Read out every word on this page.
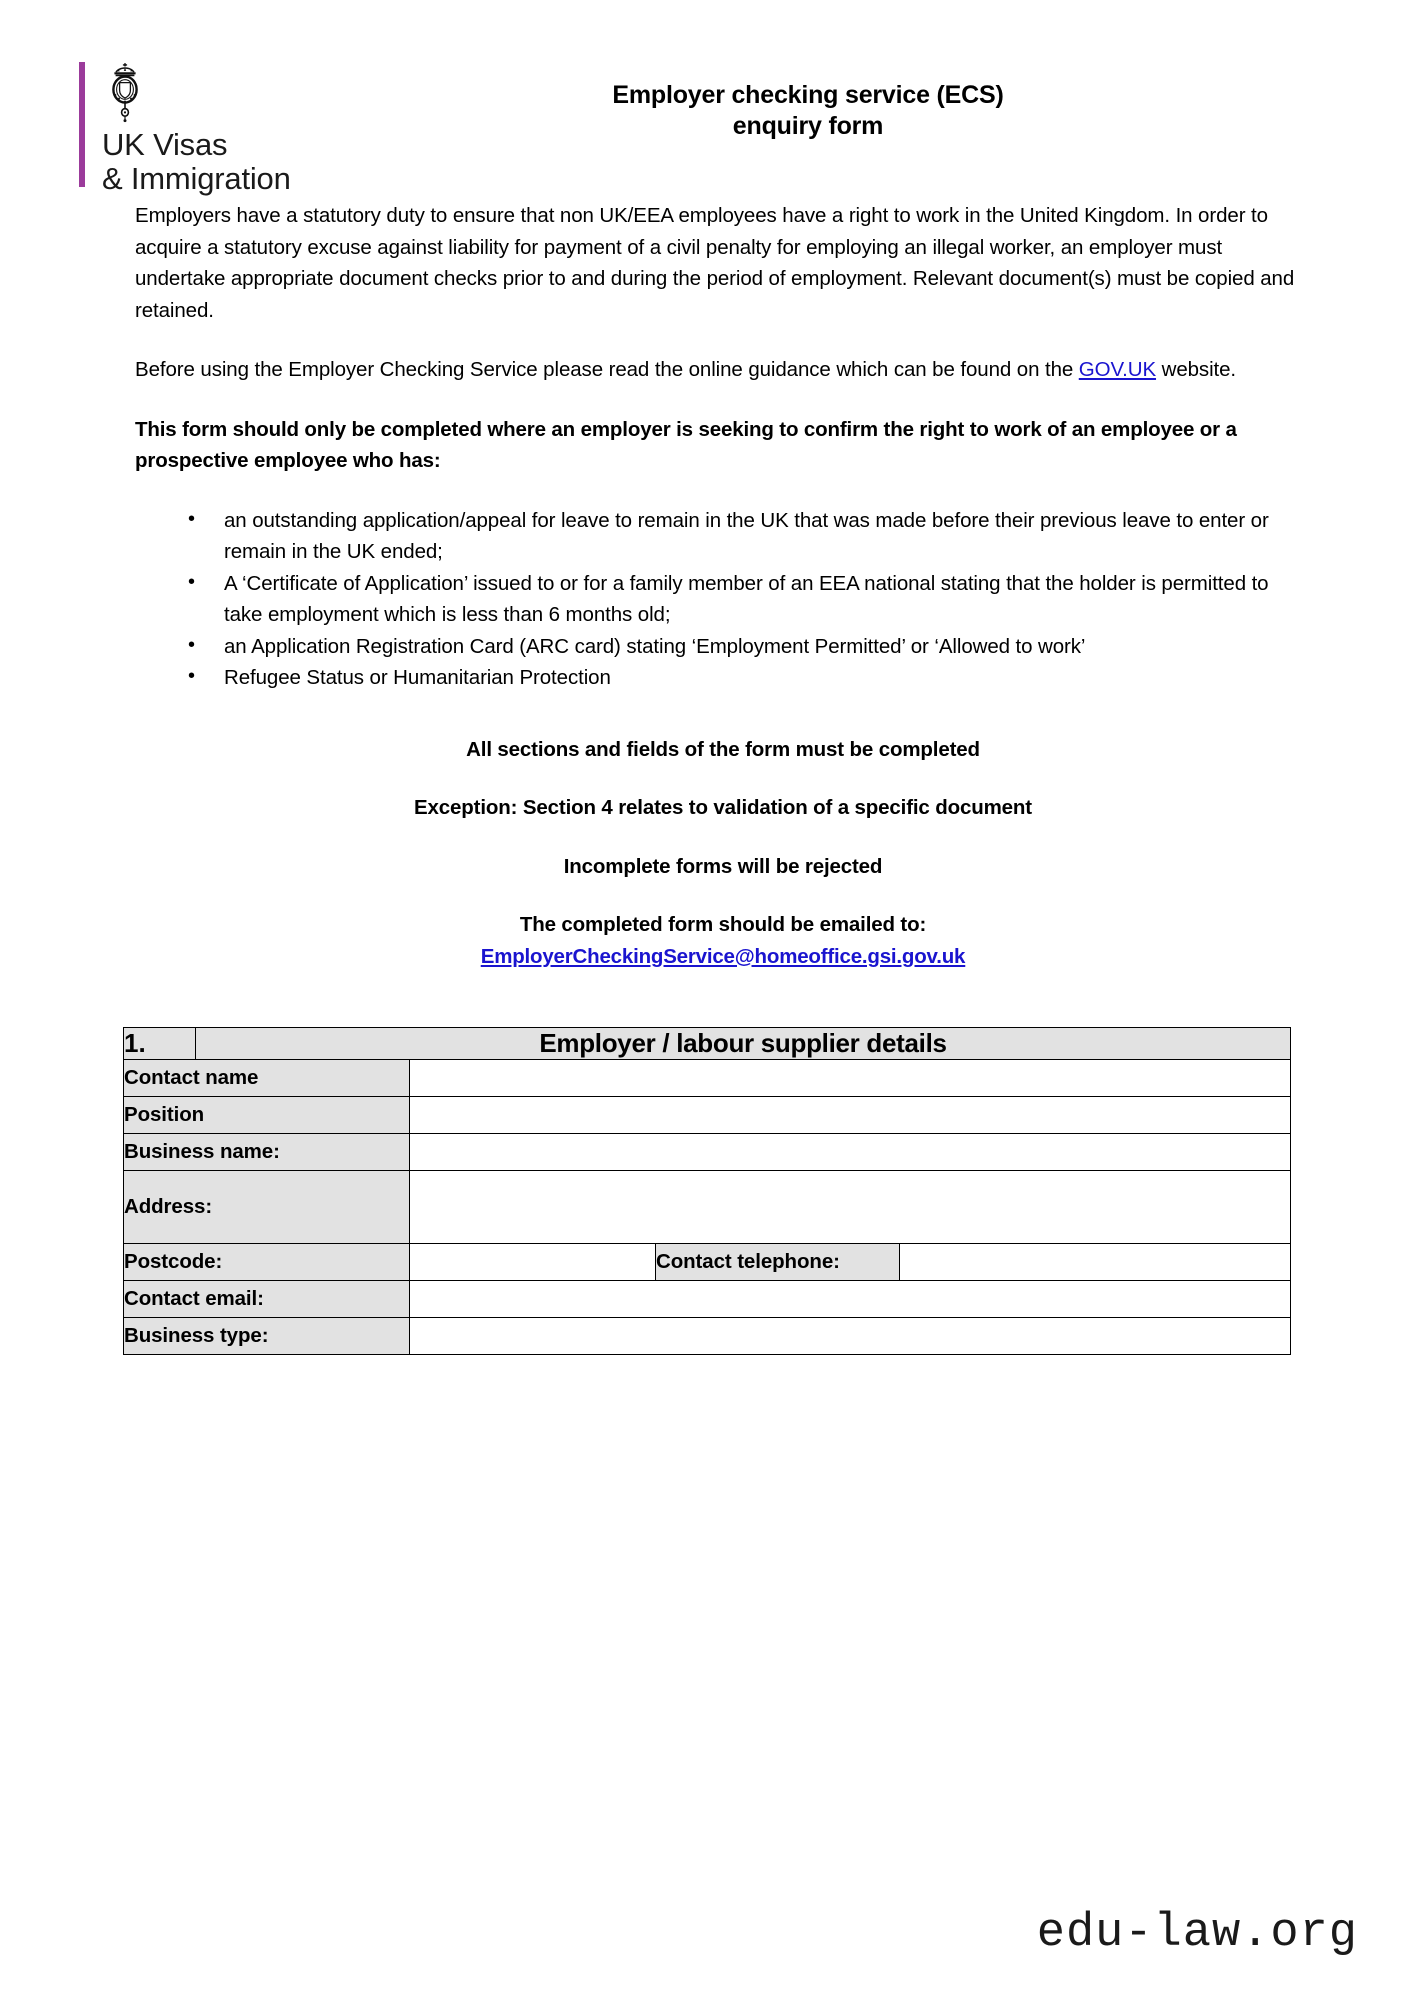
UK Visas
& Immigration
Employer checking service (ECS)
enquiry form

Employers have a statutory duty to ensure that non UK/EEA employees have a right to work in the United Kingdom. In order to acquire a statutory excuse against liability for payment of a civil penalty for employing an illegal worker, an employer must undertake appropriate document checks prior to and during the period of employment. Relevant document(s) must be copied and retained.

Before using the Employer Checking Service please read the online guidance which can be found on the GOV.UK website.

This form should only be completed where an employer is seeking to confirm the right to work of an employee or a prospective employee who has:

• an outstanding application/appeal for leave to remain in the UK that was made before their previous leave to enter or remain in the UK ended;
• A ‘Certificate of Application’ issued to or for a family member of an EEA national stating that the holder is permitted to take employment which is less than 6 months old;
• an Application Registration Card (ARC card) stating ‘Employment Permitted’ or ‘Allowed to work’
• Refugee Status or Humanitarian Protection

All sections and fields of the form must be completed

Exception: Section 4 relates to validation of a specific document

Incomplete forms will be rejected

The completed form should be emailed to:

EmployerCheckingService@homeoffice.gsi.gov.uk
1.	Employer / labour supplier details			
Contact name				
Position				
Business name:				
Address:				
Postcode:			Contact telephone:	
Contact email:				
Business type:				
edu-law.org
